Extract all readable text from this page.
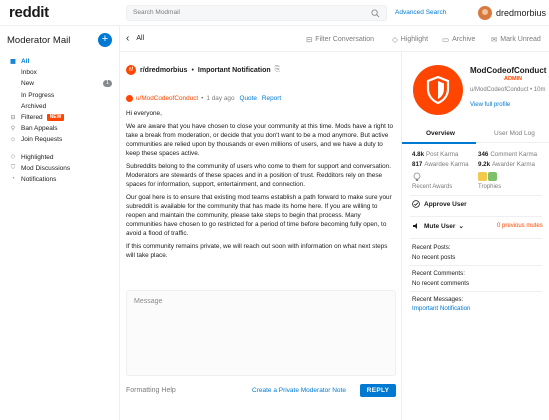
reddit	Search Modmail	Advanced Search	dredmorbius
Moderator Mail	+
▦ All
Inbox
New	1
In Progress
Archived
⊟ Filtered	NEW
⚲ Ban Appeals
☺ Join Requests
◇ Highlighted
⛉ Mod Discussions
◔ Notifications
‹ All	⊟ Filter Conversation ◇ Highlight ▭ Archive ✉ Mark Unread
r/	r/dredmorbius • Important Notification ⎘
u/ModCodeofConduct • 1 day ago Quote Report

Hi everyone,

We are aware that you have chosen to close your community at this time. Mods have a right to take a break from moderation, or decide that you don't want to be a mod anymore. But active communities are relied upon by thousands or even millions of users, and we have a duty to keep these spaces active.

Subreddits belong to the community of users who come to them for support and conversation. Moderators are stewards of these spaces and in a position of trust. Redditors rely on these spaces for information, support, entertainment, and connection.

Our goal here is to ensure that existing mod teams establish a path forward to make sure your subreddit is available for the community that has made its home here. If you are willing to reopen and maintain the community, please take steps to begin that process. Many communities have chosen to go restricted for a period of time before becoming fully open, to avoid a flood of traffic.

If this community remains private, we will reach out soon with information on what next steps will take place.

Message
Formatting Help	Create a Private Moderator Note	REPLY
ModCodeofConduct
ADMIN
u/ModCodeofConduct • 10m
View full profile
Overview	User Mod Log
4.8k Post Karma	346 Comment Karma
817 Awardee Karma 9.2k Awarder Karma
Recent Awards	Trophies
Approve User
Mute User ⌄	0 previous mutes
Recent Posts:
No recent posts
Recent Comments:
No recent comments
Recent Messages:
Important Notification
